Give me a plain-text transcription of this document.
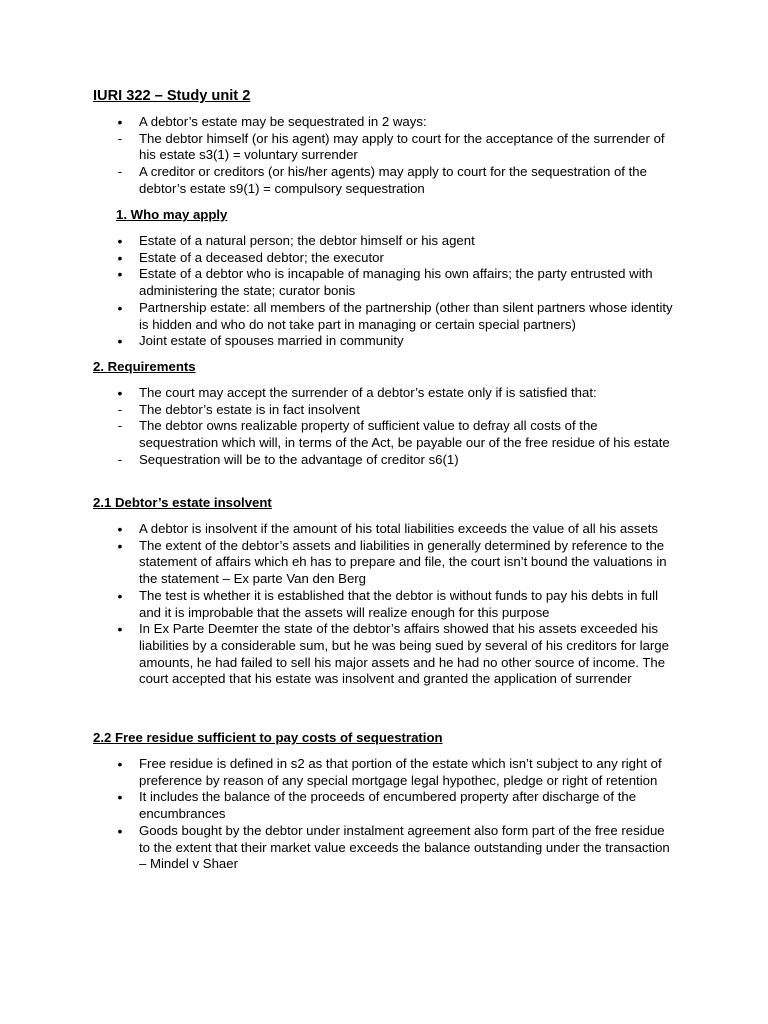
IURI 322 – Study unit 2
•	A debtor’s estate may be sequestrated in 2 ways:
-	The debtor himself (or his agent) may apply to court for the acceptance of the surrender of his estate s3(1) = voluntary surrender
-	A creditor or creditors (or his/her agents) may apply to court for the sequestration of the debtor’s estate s9(1) = compulsory sequestration
1. Who may apply
•	Estate of a natural person; the debtor himself or his agent
•	Estate of a deceased debtor; the executor
•	Estate of a debtor who is incapable of managing his own affairs; the party entrusted with administering the state; curator bonis
•	Partnership estate: all members of the partnership (other than silent partners whose identity is hidden and who do not take part in managing or certain special partners)
•	Joint estate of spouses married in community
2. Requirements
•	The court may accept the surrender of a debtor’s estate only if is satisfied that:
-	The debtor’s estate is in fact insolvent
-	The debtor owns realizable property of sufficient value to defray all costs of the sequestration which will, in terms of the Act, be payable our of the free residue of his estate
-	Sequestration will be to the advantage of creditor s6(1)
2.1 Debtor’s estate insolvent
•	A debtor is insolvent if the amount of his total liabilities exceeds the value of all his assets
•	The extent of the debtor’s assets and liabilities in generally determined by reference to the statement of affairs which eh has to prepare and file, the court isn’t bound the valuations in the statement – Ex parte Van den Berg
•	The test is whether it is established that the debtor is without funds to pay his debts in full and it is improbable that the assets will realize enough for this purpose
•	In Ex Parte Deemter the state of the debtor’s affairs showed that his assets exceeded his liabilities by a considerable sum, but he was being sued by several of his creditors for large amounts, he had failed to sell his major assets and he had no other source of income. The court accepted that his estate was insolvent and granted the application of surrender
2.2 Free residue sufficient to pay costs of sequestration
•	Free residue is defined in s2 as that portion of the estate which isn’t subject to any right of preference by reason of any special mortgage legal hypothec, pledge or right of retention
•	It includes the balance of the proceeds of encumbered property after discharge of the encumbrances
•	Goods bought by the debtor under instalment agreement also form part of the free residue to the extent that their market value exceeds the balance outstanding under the transaction – Mindel v Shaer
